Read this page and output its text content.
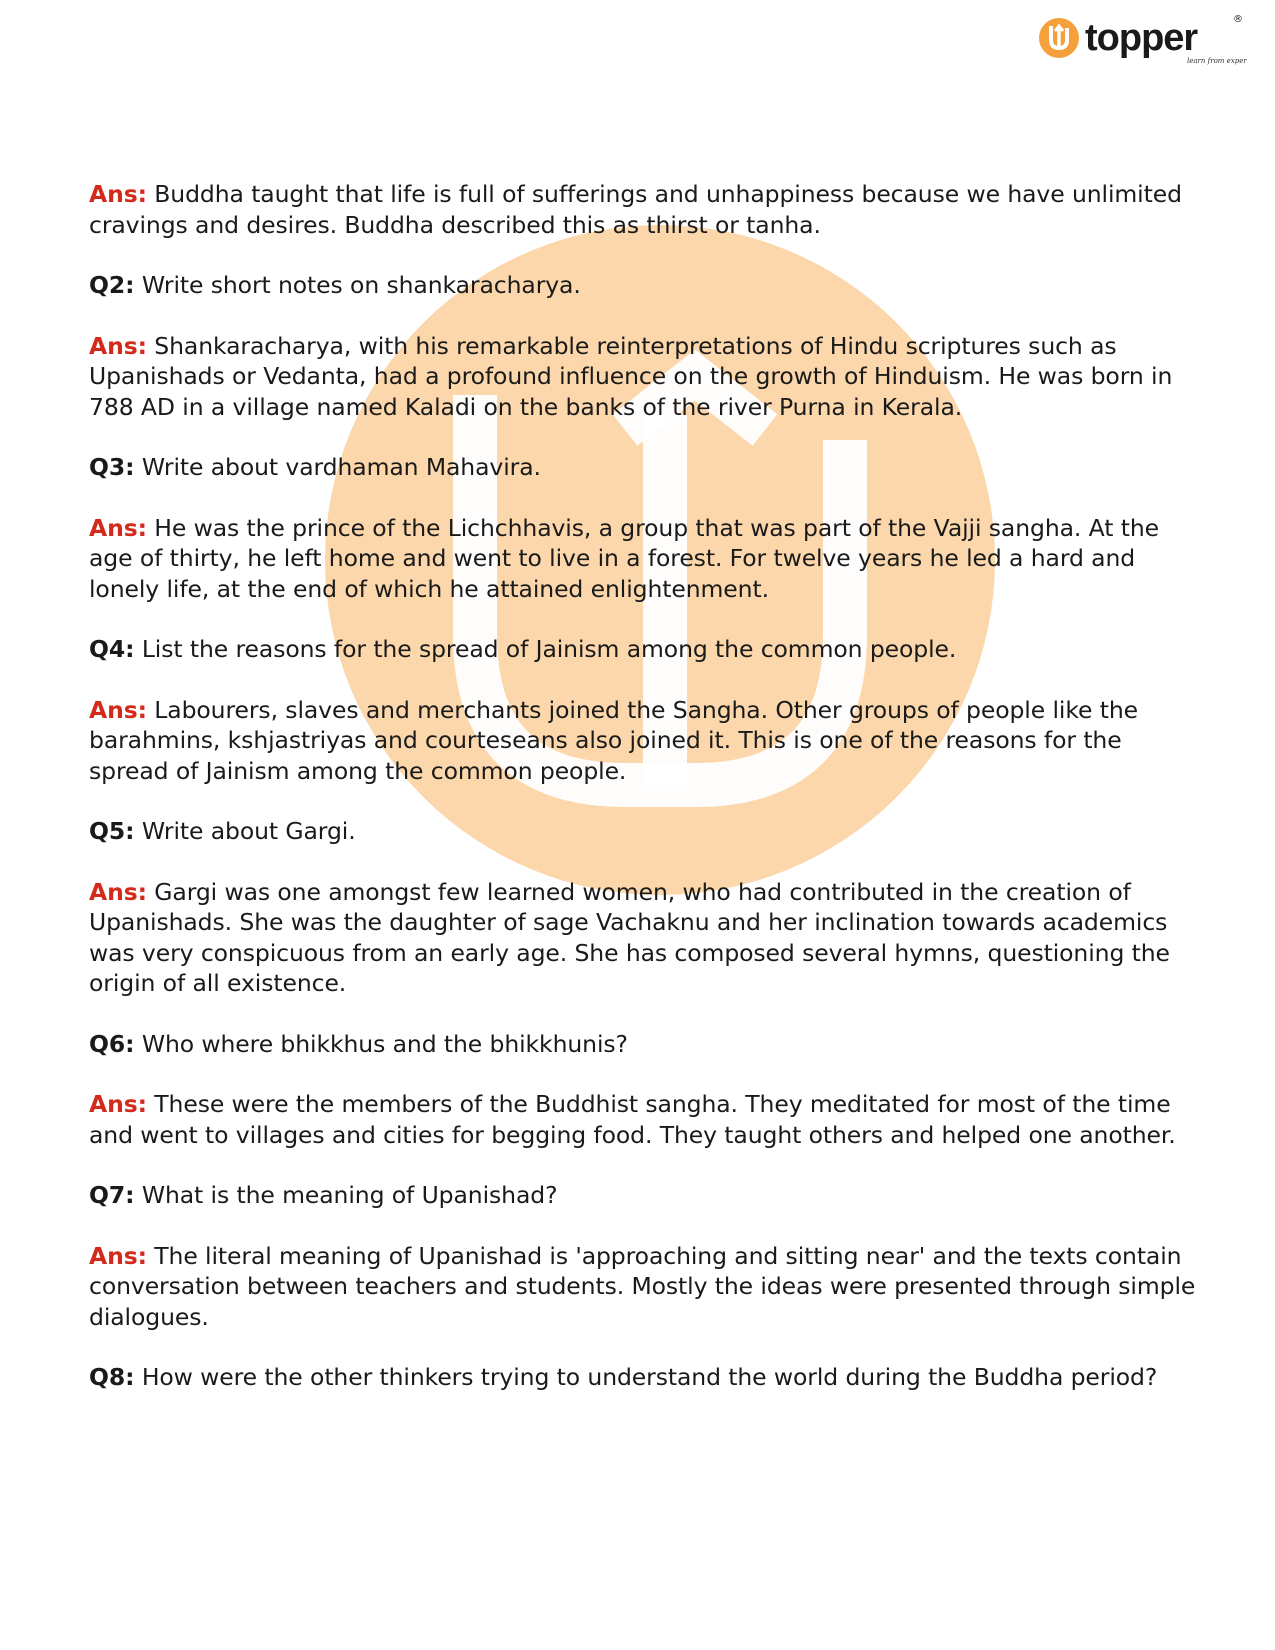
topper	®
learn from experts

Ans: Buddha taught that life is full of sufferings and unhappiness because we have unlimited cravings and desires. Buddha described this as thirst or tanha.

Q2: Write short notes on shankaracharya.

Ans: Shankaracharya, with his remarkable reinterpretations of Hindu scriptures such as Upanishads or Vedanta, had a profound influence on the growth of Hinduism. He was born in 788 AD in a village named Kaladi on the banks of the river Purna in Kerala.

Q3: Write about vardhaman Mahavira.

Ans: He was the prince of the Lichchhavis, a group that was part of the Vajji sangha. At the age of thirty, he left home and went to live in a forest. For twelve years he led a hard and lonely life, at the end of which he attained enlightenment.

Q4: List the reasons for the spread of Jainism among the common people.

Ans: Labourers, slaves and merchants joined the Sangha. Other groups of people like the barahmins, kshjastriyas and courteseans also joined it. This is one of the reasons for the spread of Jainism among the common people.

Q5: Write about Gargi.

Ans: Gargi was one amongst few learned women, who had contributed in the creation of Upanishads. She was the daughter of sage Vachaknu and her inclination towards academics was very conspicuous from an early age. She has composed several hymns, questioning the origin of all existence.

Q6: Who where bhikkhus and the bhikkhunis?

Ans: These were the members of the Buddhist sangha. They meditated for most of the time and went to villages and cities for begging food. They taught others and helped one another.

Q7: What is the meaning of Upanishad?

Ans: The literal meaning of Upanishad is 'approaching and sitting near' and the texts contain conversation between teachers and students. Mostly the ideas were presented through simple dialogues.

Q8: How were the other thinkers trying to understand the world during the Buddha period?
